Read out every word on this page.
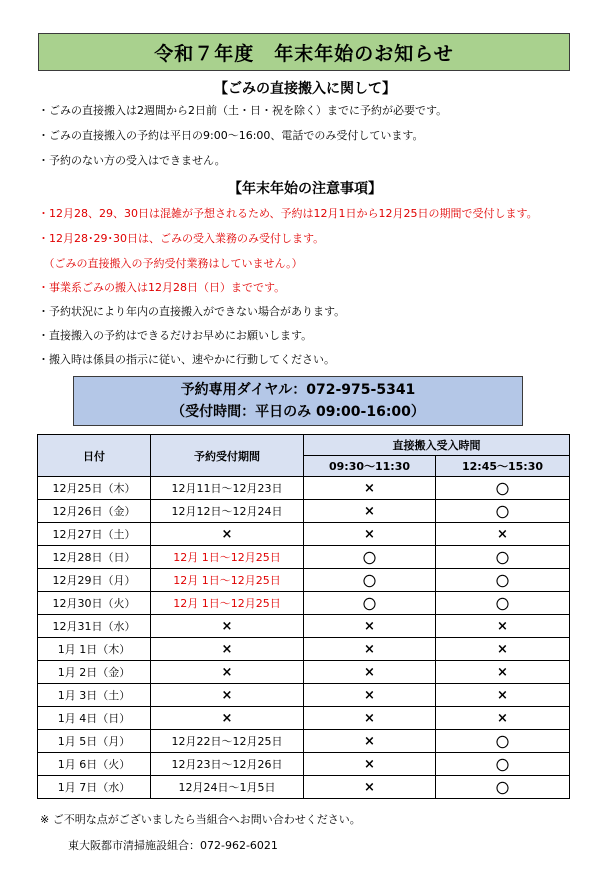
令和７年度　年末年始のお知らせ
【ごみの直接搬入に関して】
・ごみの直接搬入は2週間から2日前（土・日・祝を除く）までに予約が必要です。
・ごみの直接搬入の予約は平日の9:00～16:00、電話でのみ受付しています。
・予約のない方の受入はできません。
【年末年始の注意事項】
・12月28、29、30日は混雑が予想されるため、予約は12月1日から12月25日の期間で受付します。
・12月28･29･30日は、ごみの受入業務のみ受付します。
　（ごみの直接搬入の予約受付業務はしていません。）
・事業系ごみの搬入は12月28日（日）までです。
・予約状況により年内の直接搬入ができない場合があります。
・直接搬入の予約はできるだけお早めにお願いします。
・搬入時は係員の指示に従い、速やかに行動してください。
予約専用ダイヤル：072-975-5341
（受付時間：平日のみ 09:00-16:00）
日付	予約受付期間	直接搬入受入時間	
		09:30～11:30	12:45～15:30
12月25日（木）	12月11日～12月23日	×	〇
12月26日（金）	12月12日～12月24日	×	〇
12月27日（土）	×	×	×
12月28日（日）	12月 1日～12月25日	〇	〇
12月29日（月）	12月 1日～12月25日	〇	〇
12月30日（火）	12月 1日～12月25日	〇	〇
12月31日（水）	×	×	×
1月 1日（木）	×	×	×
1月 2日（金）	×	×	×
1月 3日（土）	×	×	×
1月 4日（日）	×	×	×
1月 5日（月）	12月22日～12月25日	×	〇
1月 6日（火）	12月23日～12月26日	×	〇
1月 7日（水）	12月24日～1月5日	×	〇
※ ご不明な点がございましたら当組合へお問い合わせください。
東大阪都市清掃施設組合：072-962-6021
